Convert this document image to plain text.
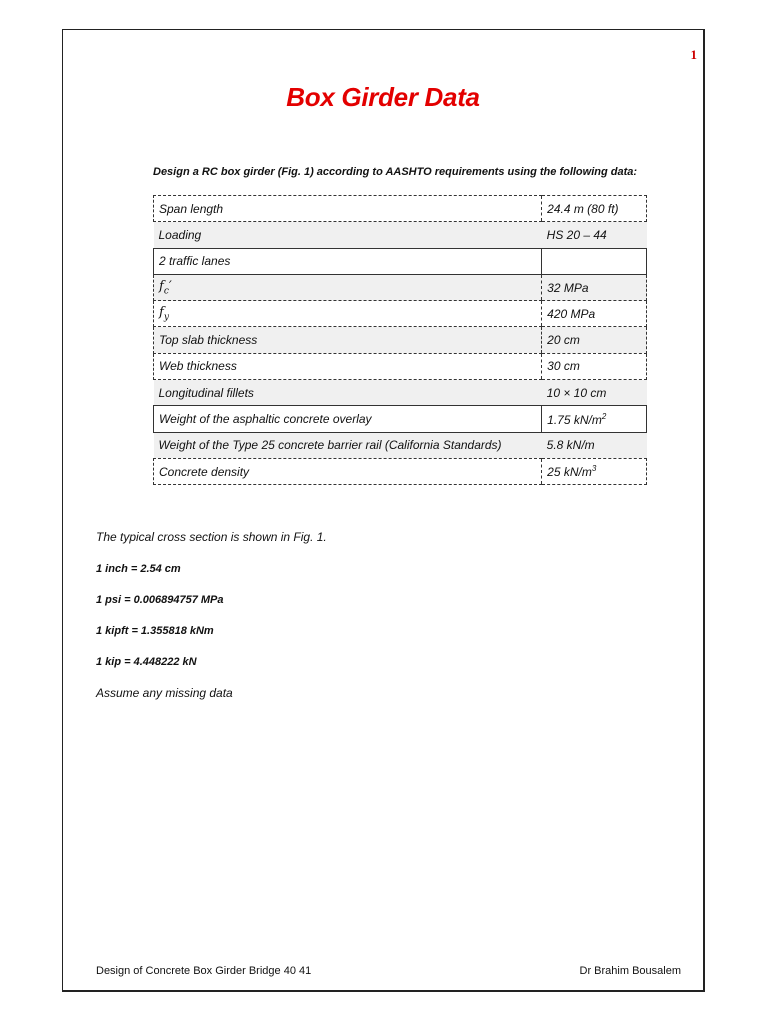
1
Box Girder Data
Design a RC box girder (Fig. 1) according to AASHTO requirements using the following data:
Span length	24.4 m (80 ft)
Loading	HS 20 – 44
2 traffic lanes	
$f_c'$	32 MPa
$f_y$	420 MPa
Top slab thickness	20 cm
Web thickness	30 cm
Longitudinal fillets	10 × 10 cm
Weight of the asphaltic concrete overlay	1.75 $kN/m^2$
Weight of the Type 25 concrete barrier rail (California Standards)	5.8 kN/m
Concrete density	25 $kN/m^3$
The typical cross section is shown in Fig. 1.
1 inch = 2.54 cm
1 psi = 0.006894757 MPa
1 kipft = 1.355818 kNm
1 kip = 4.448222 kN
Assume any missing data
Design of Concrete Box Girder Bridge 40 41	Dr Brahim Bousalem
